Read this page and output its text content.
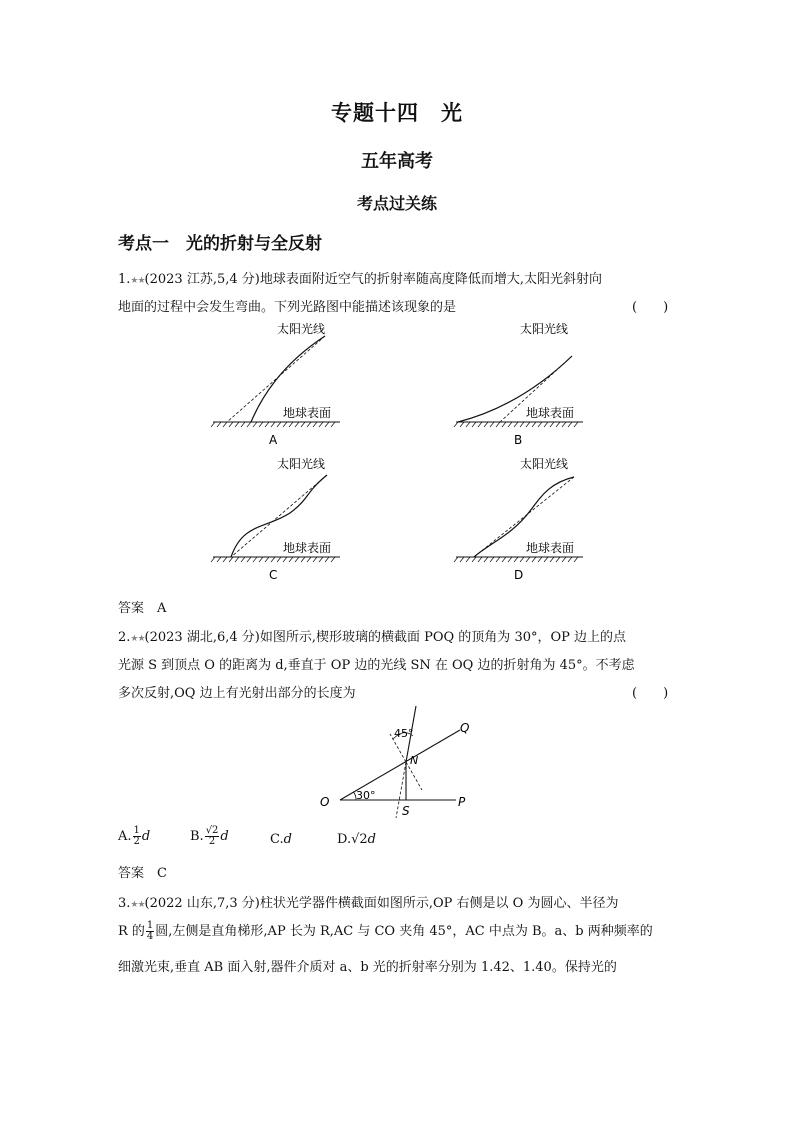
专题十四　光
五年高考
考点过关练
考点一　光的折射与全反射
1.★★(2023 江苏,5,4 分)地球表面附近空气的折射率随高度降低而增大,太阳光斜射向
地面的过程中会发生弯曲。下列光路图中能描述该现象的是	(　　)
太阳光线
地球表面
A
太阳光线
地球表面
B
太阳光线
地球表面
C
太阳光线
地球表面
D
答案　A
2.★★(2023 湖北,6,4 分)如图所示,楔形玻璃的横截面 POQ 的顶角为 30°，OP 边上的点
光源 S 到顶点 O 的距离为 d,垂直于 OP 边的光线 SN 在 OQ 边的折射角为 45°。不考虑
多次反射,OQ 边上有光射出部分的长度为	(　　)
O	P
Q
S
N
30°
45°
A. $\frac{1}{2}$ d	B. $\frac{√2}{2}$ d	C.d	D.√2d
答案　C
3.★★(2022 山东,7,3 分)柱状光学器件横截面如图所示,OP 右侧是以 O 为圆心、半径为
R 的 $\frac{1}{4}$ 圆,左侧是直角梯形,AP 长为 R,AC 与 CO 夹角 45°，AC 中点为 B。a、b 两种频率的
细激光束,垂直 AB 面入射,器件介质对 a、b 光的折射率分别为 1.42、1.40。保持光的
